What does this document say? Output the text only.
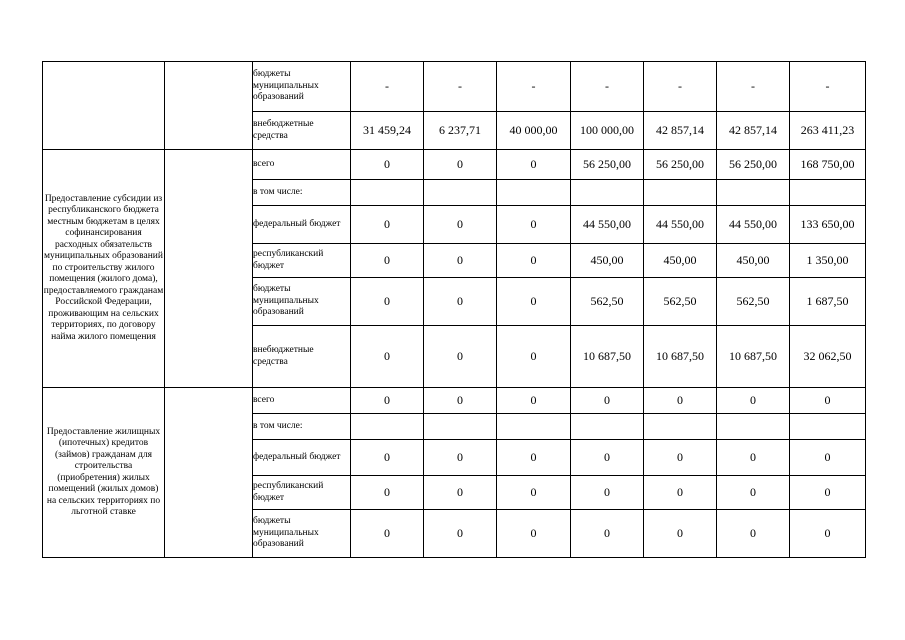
		бюджеты муниципальных образований	-	-	-	-	-	-	-
		внебюджетные средства	31 459,24	6 237,71	40 000,00	100 000,00	42 857,14	42 857,14	263 411,23
Предоставление субсидии из республиканского бюджета местным бюджетам в целях софинансирования расходных обязательств муниципальных образований по строительству жилого помещения (жилого дома), предоставляемого гражданам Российской Федерации, проживающим на сельских территориях, по договору найма жилого помещения		всего	0	0	0	56 250,00	56 250,00	56 250,00	168 750,00
		в том числе:							
		федеральный бюджет	0	0	0	44 550,00	44 550,00	44 550,00	133 650,00
		республиканский бюджет	0	0	0	450,00	450,00	450,00	1 350,00
		бюджеты муниципальных образований	0	0	0	562,50	562,50	562,50	1 687,50
		внебюджетные средства	0	0	0	10 687,50	10 687,50	10 687,50	32 062,50
Предоставление жилищных (ипотечных) кредитов (займов) гражданам для строительства (приобретения) жилых помещений (жилых домов) на сельских территориях по льготной ставке		всего	0	0	0	0	0	0	0
		в том числе:							
		федеральный бюджет	0	0	0	0	0	0	0
		республиканский бюджет	0	0	0	0	0	0	0
		бюджеты муниципальных образований	0	0	0	0	0	0	0
